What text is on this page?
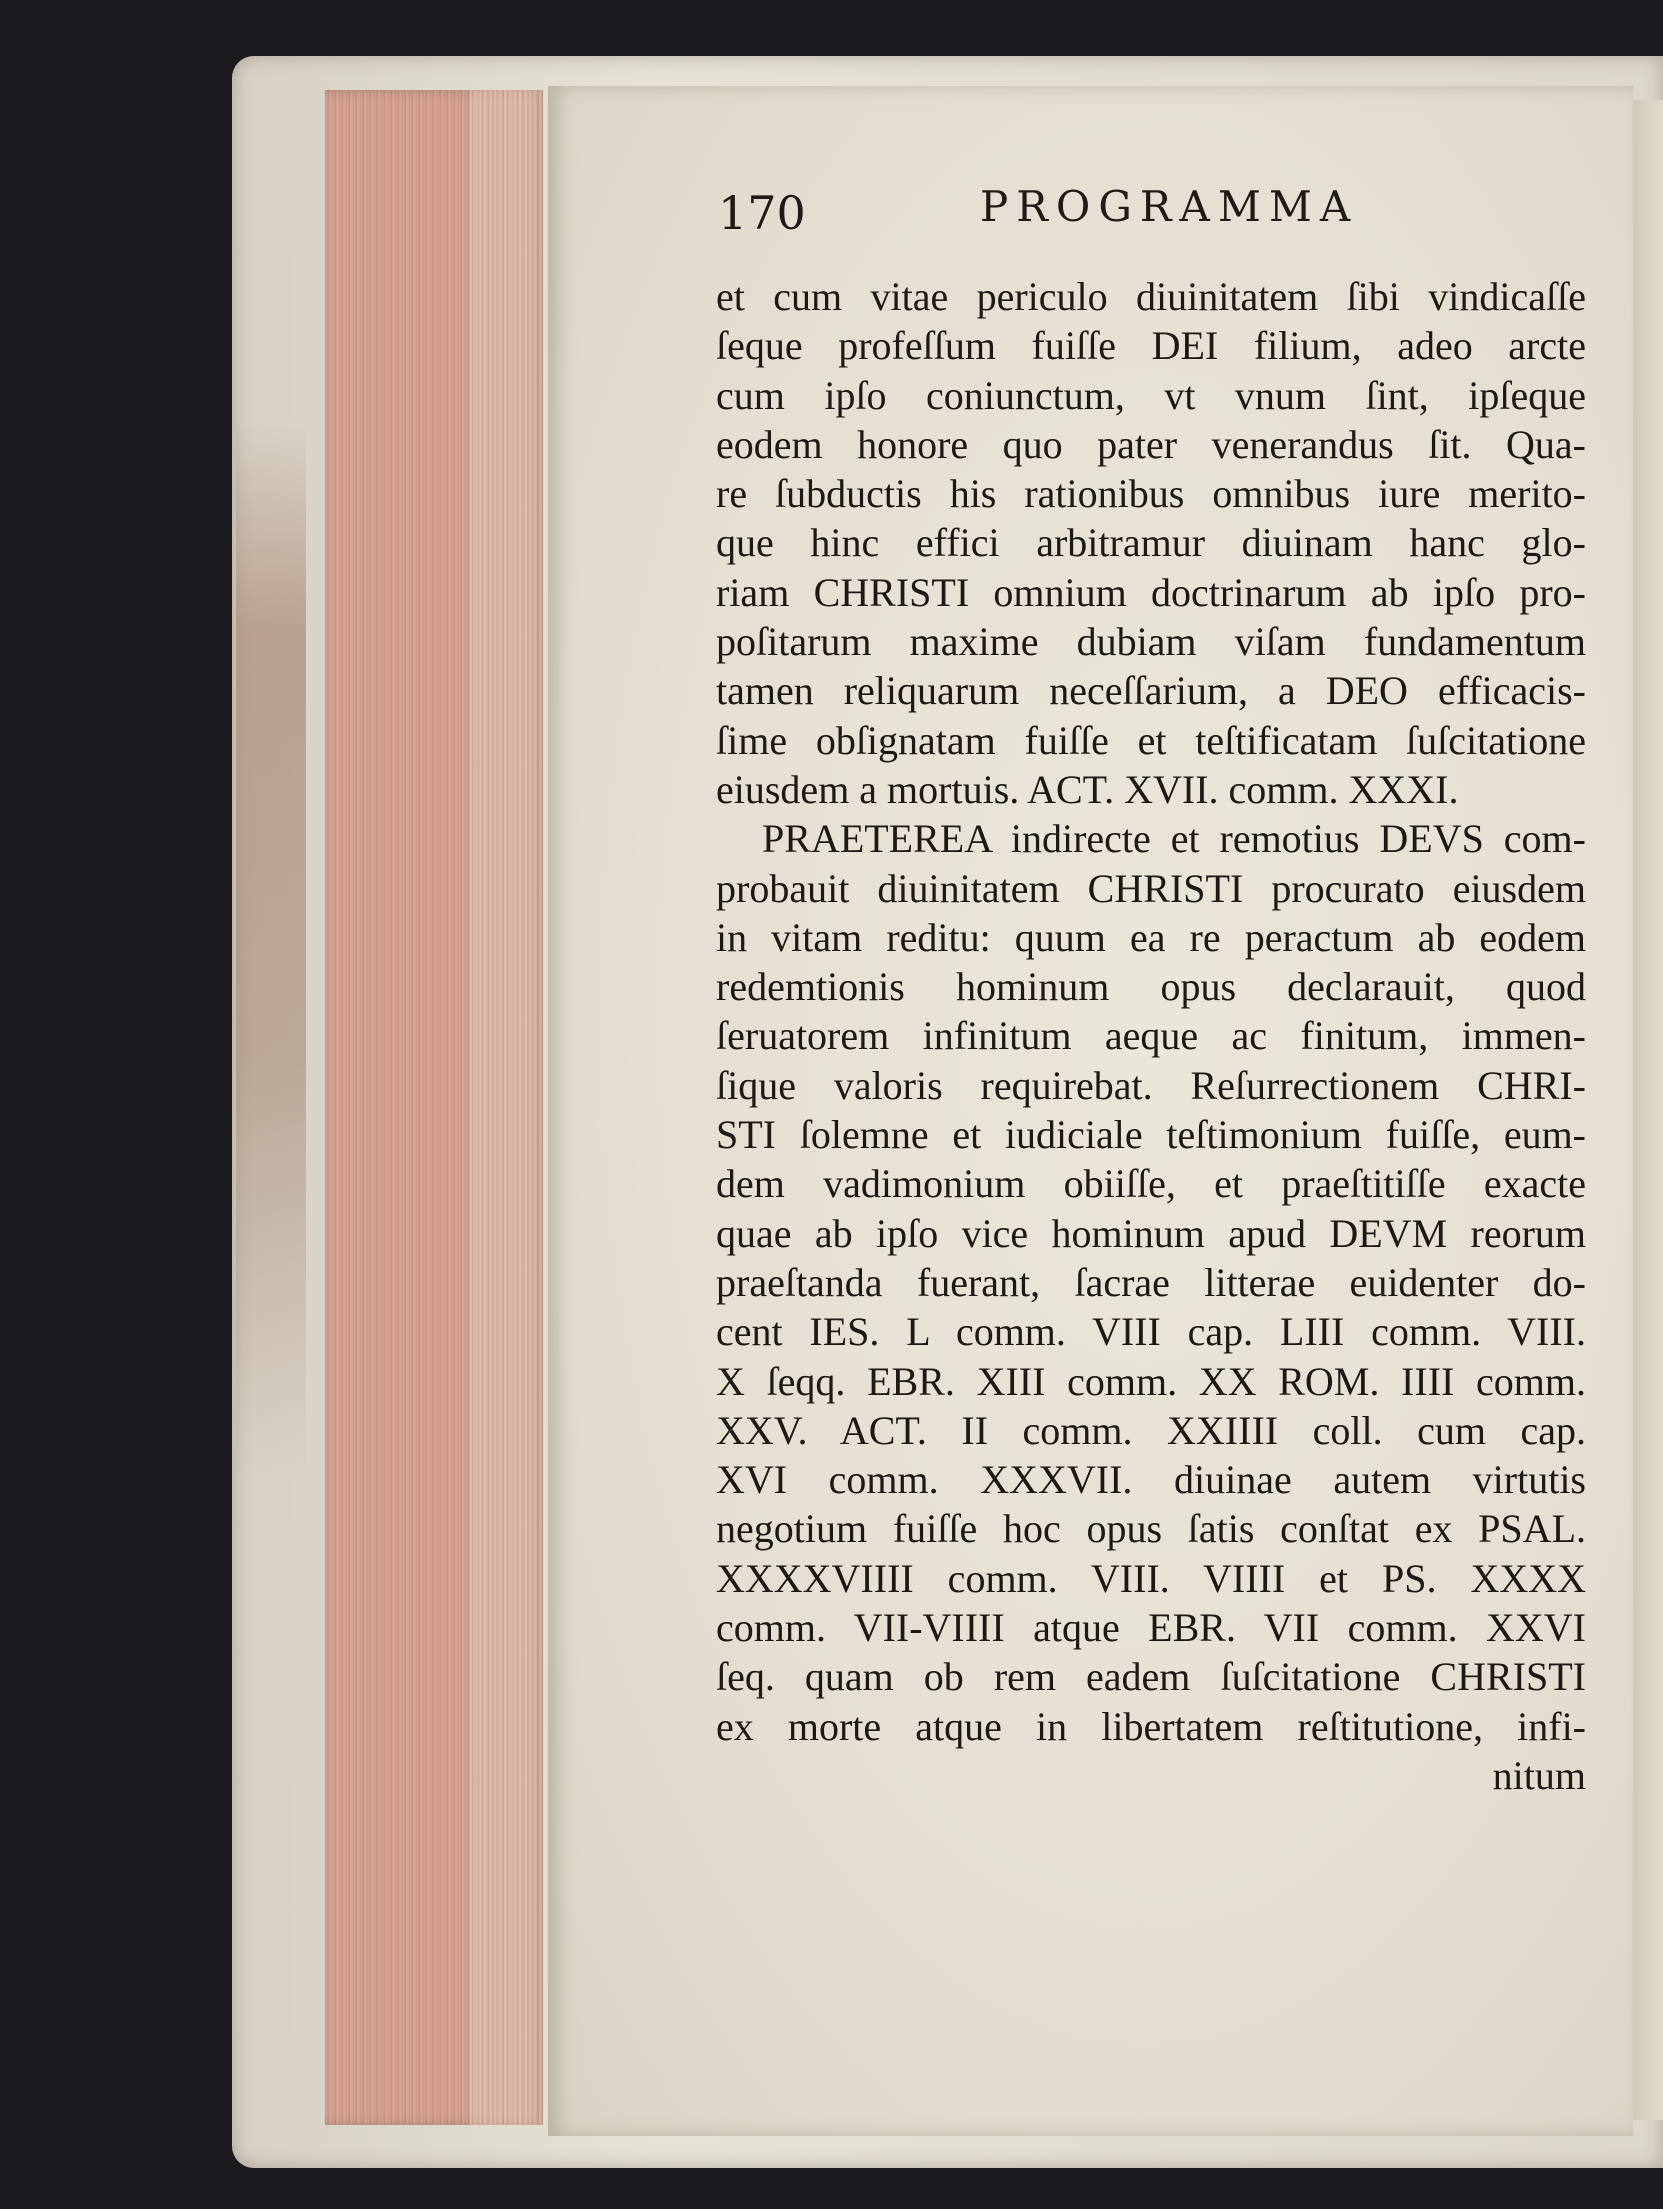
170	PROGRAMMA
et cum vitae periculo diuinitatem ſibi vindicaſſe
ſeque profeſſum fuiſſe DEI filium, adeo arcte
cum ipſo coniunctum, vt vnum ſint, ipſeque
eodem honore quo pater venerandus ſit. Qua-
re ſubductis his rationibus omnibus iure merito-
que hinc effici arbitramur diuinam hanc glo-
riam CHRISTI omnium doctrinarum ab ipſo pro-
poſitarum maxime dubiam viſam fundamentum
tamen reliquarum neceſſarium, a DEO efficacis-
ſime obſignatam fuiſſe et teſtificatam ſuſcitatione
eiusdem a mortuis. ACT. XVII. comm. XXXI.
PRAETEREA indirecte et remotius DEVS com-
probauit diuinitatem CHRISTI procurato eiusdem
in vitam reditu: quum ea re peractum ab eodem
redemtionis hominum opus declarauit, quod
ſeruatorem infinitum aeque ac finitum, immen-
ſique valoris requirebat. Reſurrectionem CHRI-
STI ſolemne et iudiciale teſtimonium fuiſſe, eum-
dem vadimonium obiiſſe, et praeſtitiſſe exacte
quae ab ipſo vice hominum apud DEVM reorum
praeſtanda fuerant, ſacrae litterae euidenter do-
cent IES. L comm. VIII cap. LIII comm. VIII.
X ſeqq. EBR. XIII comm. XX ROM. IIII comm.
XXV. ACT. II comm. XXIIII coll. cum cap.
XVI comm. XXXVII. diuinae autem virtutis
negotium fuiſſe hoc opus ſatis conſtat ex PSAL.
XXXXVIIII comm. VIII. VIIII et PS. XXXX
comm. VII-VIIII atque EBR. VII comm. XXVI
ſeq. quam ob rem eadem ſuſcitatione CHRISTI
ex morte atque in libertatem reſtitutione, infi-
nitum
